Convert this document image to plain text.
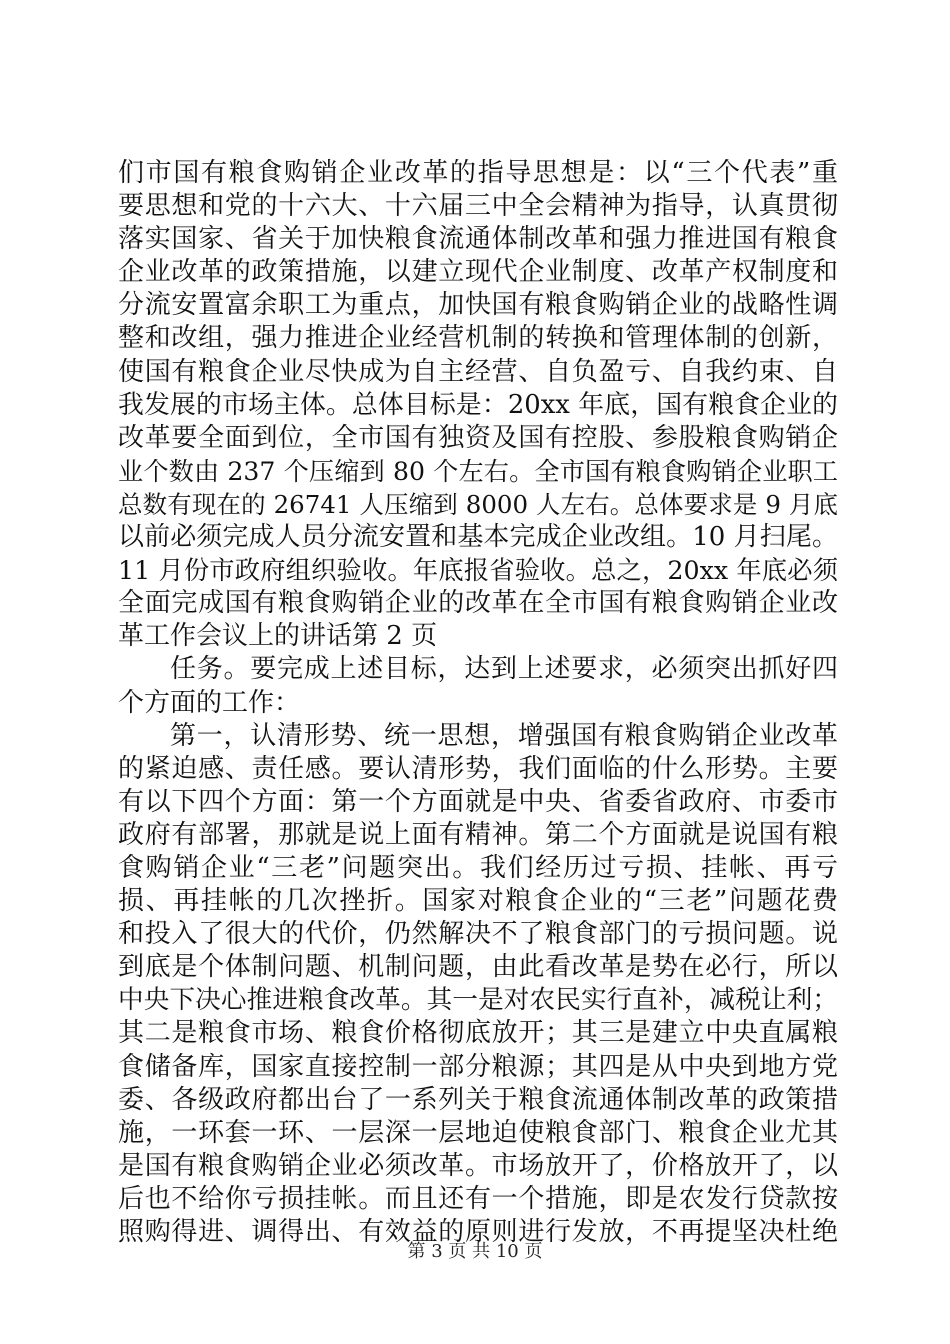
们市国有粮食购销企业改革的指导思想是：以“三个代表”重
要思想和党的十六大、十六届三中全会精神为指导，认真贯彻
落实国家、省关于加快粮食流通体制改革和强力推进国有粮食
企业改革的政策措施，以建立现代企业制度、改革产权制度和
分流安置富余职工为重点，加快国有粮食购销企业的战略性调
整和改组，强力推进企业经营机制的转换和管理体制的创新，
使国有粮食企业尽快成为自主经营、自负盈亏、自我约束、自
我发展的市场主体。总体目标是：20xx 年底，国有粮食企业的
改革要全面到位，全市国有独资及国有控股、参股粮食购销企
业个数由 237 个压缩到 80 个左右。全市国有粮食购销企业职工
总数有现在的 26741 人压缩到 8000 人左右。总体要求是 9 月底
以前必须完成人员分流安置和基本完成企业改组。10 月扫尾。
11 月份市政府组织验收。年底报省验收。总之，20xx 年底必须
全面完成国有粮食购销企业的改革在全市国有粮食购销企业改
革工作会议上的讲话第 2 页
任务。要完成上述目标，达到上述要求，必须突出抓好四
个方面的工作：
第一，认清形势、统一思想，增强国有粮食购销企业改革
的紧迫感、责任感。要认清形势，我们面临的什么形势。主要
有以下四个方面：第一个方面就是中央、省委省政府、市委市
政府有部署，那就是说上面有精神。第二个方面就是说国有粮
食购销企业“三老”问题突出。我们经历过亏损、挂帐、再亏
损、再挂帐的几次挫折。国家对粮食企业的“三老”问题花费
和投入了很大的代价，仍然解决不了粮食部门的亏损问题。说
到底是个体制问题、机制问题，由此看改革是势在必行，所以
中央下决心推进粮食改革。其一是对农民实行直补，减税让利；
其二是粮食市场、粮食价格彻底放开；其三是建立中央直属粮
食储备库，国家直接控制一部分粮源；其四是从中央到地方党
委、各级政府都出台了一系列关于粮食流通体制改革的政策措
施，一环套一环、一层深一层地迫使粮食部门、粮食企业尤其
是国有粮食购销企业必须改革。市场放开了，价格放开了，以
后也不给你亏损挂帐。而且还有一个措施，即是农发行贷款按
照购得进、调得出、有效益的原则进行发放，不再提坚决杜绝
第 3 页 共 10 页
